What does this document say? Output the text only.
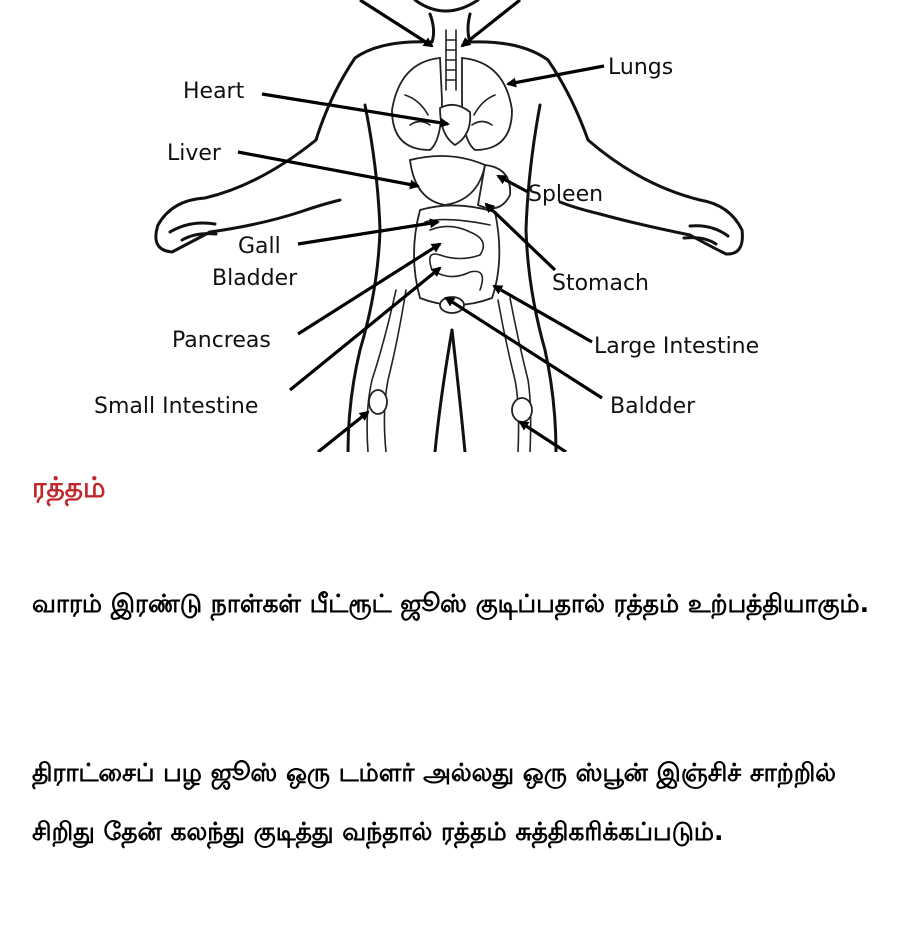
Heart
Liver
Gall
Bladder
Pancreas
Small Intestine
Lungs
Spleen
Stomach
Large Intestine
Baldder
ரத்தம்

வாரம் இரண்டு நாள்கள் பீட்ரூட் ஜூஸ் குடிப்பதால் ரத்தம் உற்பத்தியாகும்.

திராட்சைப் பழ ஜூஸ் ஒரு டம்ளர் அல்லது ஒரு ஸ்பூன் இஞ்சிச் சாற்றில் சிறிது தேன் கலந்து குடித்து வந்தால் ரத்தம் சுத்திகரிக்கப்படும்.
